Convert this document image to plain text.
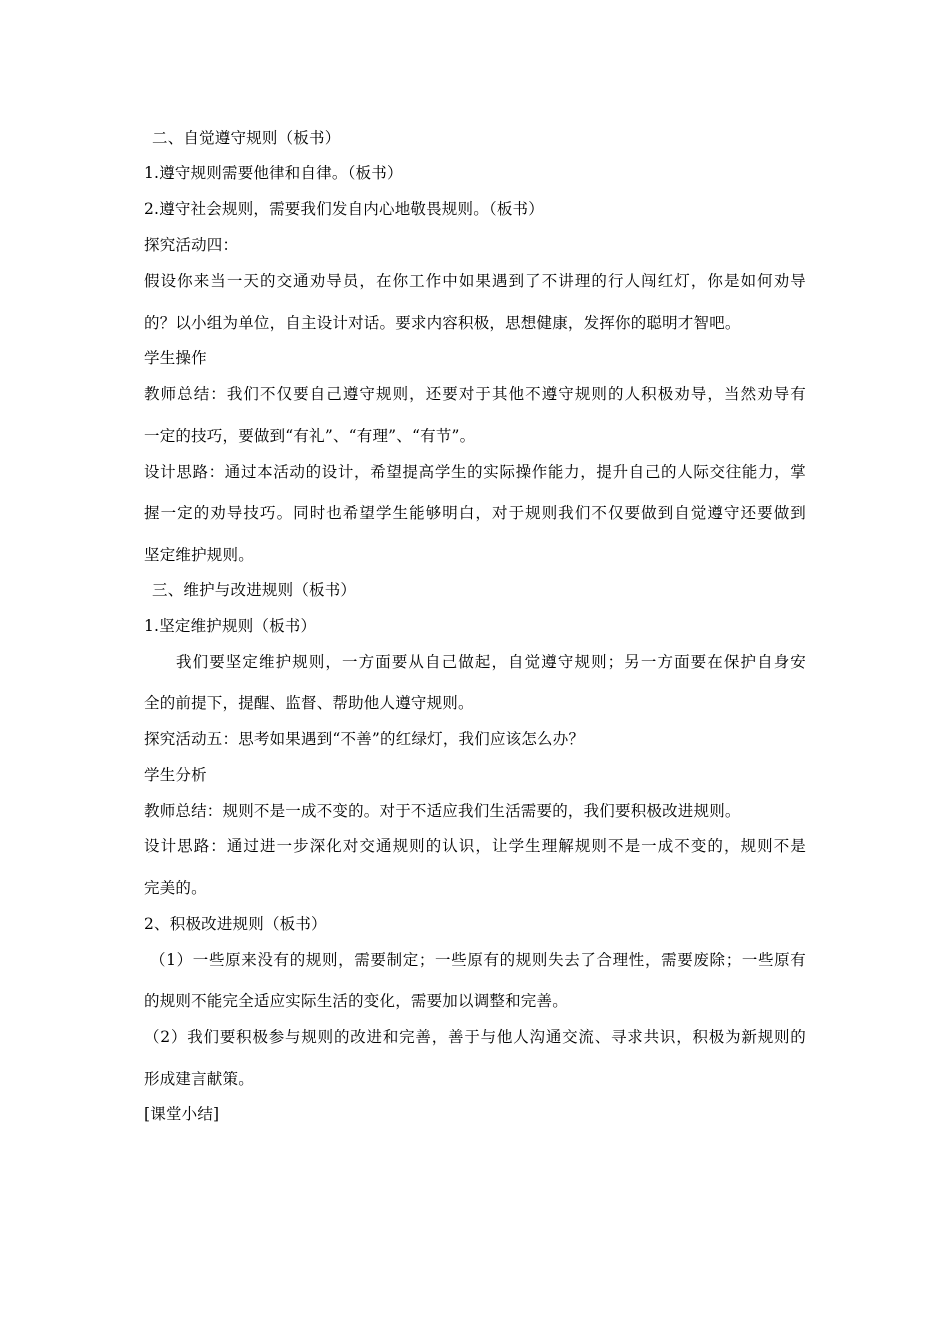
二、自觉遵守规则（板书）
1.遵守规则需要他律和自律。（板书）
2.遵守社会规则，需要我们发自内心地敬畏规则。（板书）
探究活动四：
假设你来当一天的交通劝导员，在你工作中如果遇到了不讲理的行人闯红灯，你是如何劝导
的？以小组为单位，自主设计对话。要求内容积极，思想健康，发挥你的聪明才智吧。
学生操作
教师总结：我们不仅要自己遵守规则，还要对于其他不遵守规则的人积极劝导，当然劝导有
一定的技巧，要做到“有礼”、“有理”、“有节”。
设计思路：通过本活动的设计，希望提高学生的实际操作能力，提升自己的人际交往能力，掌
握一定的劝导技巧。同时也希望学生能够明白，对于规则我们不仅要做到自觉遵守还要做到
坚定维护规则。
三、维护与改进规则（板书）
1.坚定维护规则（板书）
我们要坚定维护规则，一方面要从自己做起，自觉遵守规则；另一方面要在保护自身安
全的前提下，提醒、监督、帮助他人遵守规则。
探究活动五：思考如果遇到“不善”的红绿灯，我们应该怎么办？
学生分析
教师总结：规则不是一成不变的。对于不适应我们生活需要的，我们要积极改进规则。
设计思路：通过进一步深化对交通规则的认识，让学生理解规则不是一成不变的，规则不是
完美的。
2、积极改进规则（板书）
（1）一些原来没有的规则，需要制定；一些原有的规则失去了合理性，需要废除；一些原有
的规则不能完全适应实际生活的变化，需要加以调整和完善。
（2）我们要积极参与规则的改进和完善，善于与他人沟通交流、寻求共识，积极为新规则的
形成建言献策。
[课堂小结]
